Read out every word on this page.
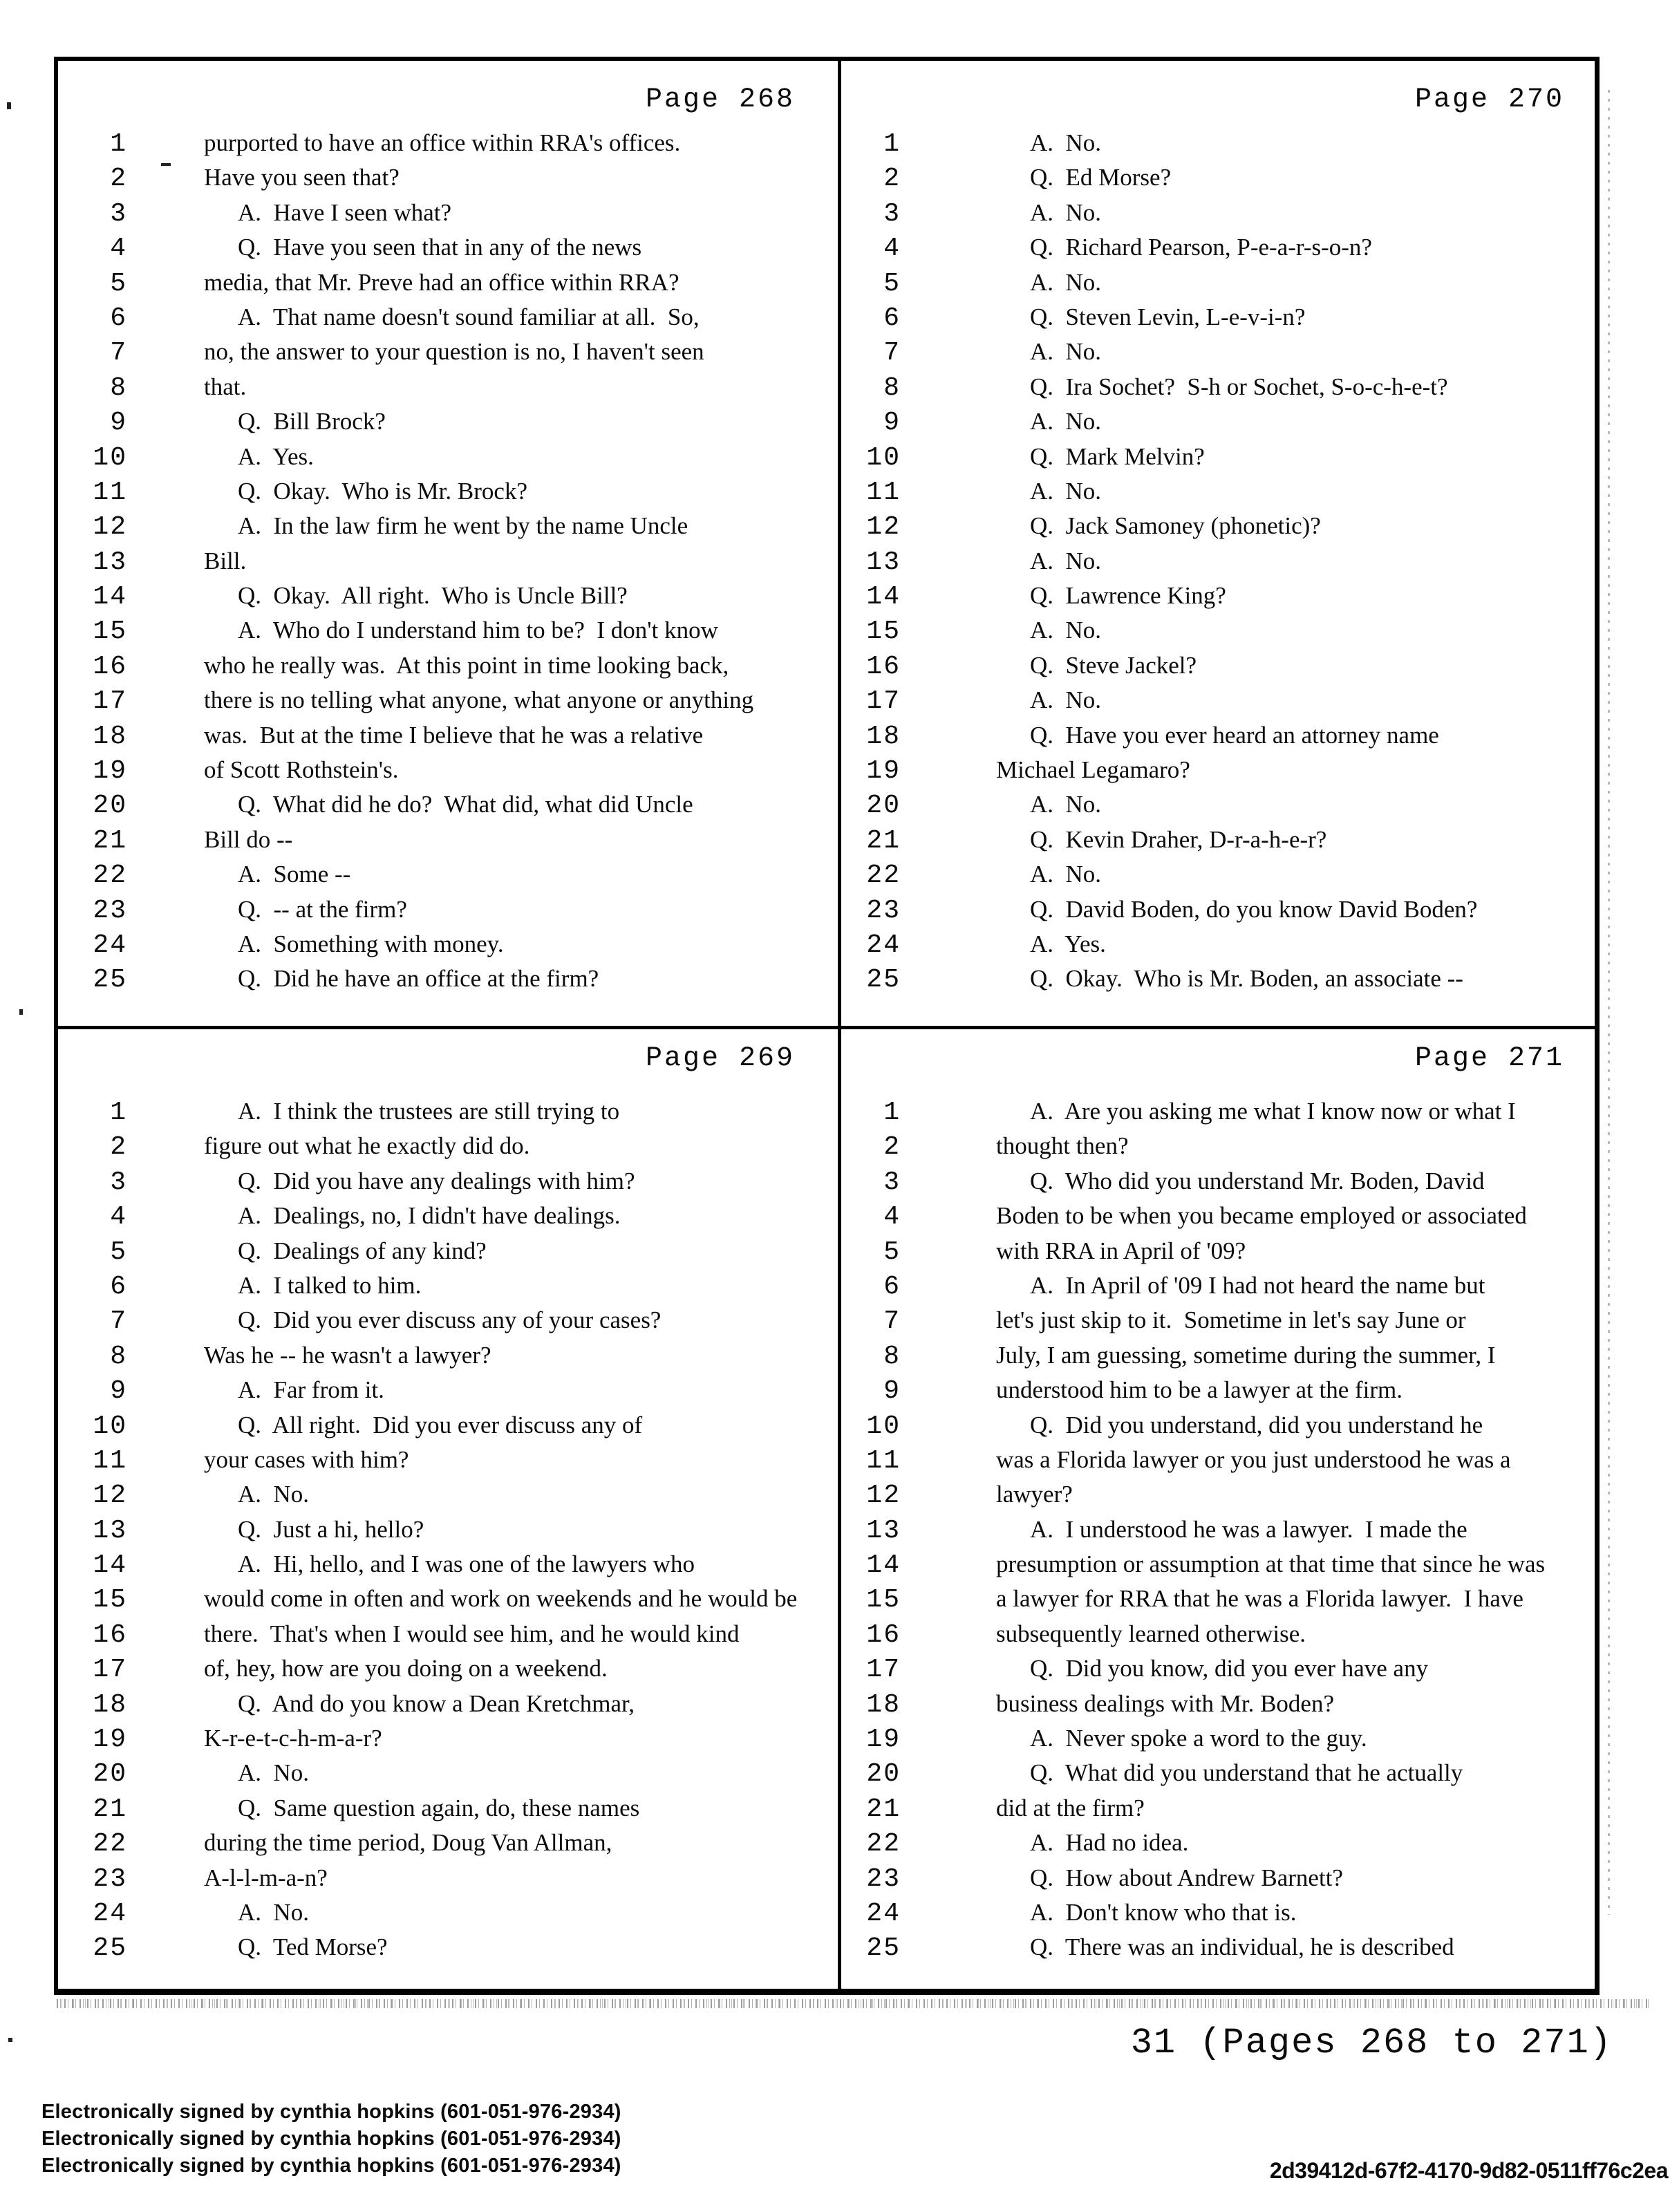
Page 268
1	purported to have an office within RRA's offices.
2	Have you seen that?
3	A.  Have I seen what?
4	Q.  Have you seen that in any of the news
5	media, that Mr. Preve had an office within RRA?
6	A.  That name doesn't sound familiar at all.  So,
7	no, the answer to your question is no, I haven't seen
8	that.
9	Q.  Bill Brock?
10	A.  Yes.
11	Q.  Okay.  Who is Mr. Brock?
12	A.  In the law firm he went by the name Uncle
13	Bill.
14	Q.  Okay.  All right.  Who is Uncle Bill?
15	A.  Who do I understand him to be?  I don't know
16	who he really was.  At this point in time looking back,
17	there is no telling what anyone, what anyone or anything
18	was.  But at the time I believe that he was a relative
19	of Scott Rothstein's.
20	Q.  What did he do?  What did, what did Uncle
21	Bill do --
22	A.  Some --
23	Q.  -- at the firm?
24	A.  Something with money.
25	Q.  Did he have an office at the firm?
Page 270
1	A.  No.
2	Q.  Ed Morse?
3	A.  No.
4	Q.  Richard Pearson, P-e-a-r-s-o-n?
5	A.  No.
6	Q.  Steven Levin, L-e-v-i-n?
7	A.  No.
8	Q.  Ira Sochet?  S-h or Sochet, S-o-c-h-e-t?
9	A.  No.
10	Q.  Mark Melvin?
11	A.  No.
12	Q.  Jack Samoney (phonetic)?
13	A.  No.
14	Q.  Lawrence King?
15	A.  No.
16	Q.  Steve Jackel?
17	A.  No.
18	Q.  Have you ever heard an attorney name
19	Michael Legamaro?
20	A.  No.
21	Q.  Kevin Draher, D-r-a-h-e-r?
22	A.  No.
23	Q.  David Boden, do you know David Boden?
24	A.  Yes.
25	Q.  Okay.  Who is Mr. Boden, an associate --
Page 269
1	A.  I think the trustees are still trying to
2	figure out what he exactly did do.
3	Q.  Did you have any dealings with him?
4	A.  Dealings, no, I didn't have dealings.
5	Q.  Dealings of any kind?
6	A.  I talked to him.
7	Q.  Did you ever discuss any of your cases?
8	Was he -- he wasn't a lawyer?
9	A.  Far from it.
10	Q.  All right.  Did you ever discuss any of
11	your cases with him?
12	A.  No.
13	Q.  Just a hi, hello?
14	A.  Hi, hello, and I was one of the lawyers who
15	would come in often and work on weekends and he would be
16	there.  That's when I would see him, and he would kind
17	of, hey, how are you doing on a weekend.
18	Q.  And do you know a Dean Kretchmar,
19	K-r-e-t-c-h-m-a-r?
20	A.  No.
21	Q.  Same question again, do, these names
22	during the time period, Doug Van Allman,
23	A-l-l-m-a-n?
24	A.  No.
25	Q.  Ted Morse?
Page 271
1	A.  Are you asking me what I know now or what I
2	thought then?
3	Q.  Who did you understand Mr. Boden, David
4	Boden to be when you became employed or associated
5	with RRA in April of '09?
6	A.  In April of '09 I had not heard the name but
7	let's just skip to it.  Sometime in let's say June or
8	July, I am guessing, sometime during the summer, I
9	understood him to be a lawyer at the firm.
10	Q.  Did you understand, did you understand he
11	was a Florida lawyer or you just understood he was a
12	lawyer?
13	A.  I understood he was a lawyer.  I made the
14	presumption or assumption at that time that since he was
15	a lawyer for RRA that he was a Florida lawyer.  I have
16	subsequently learned otherwise.
17	Q.  Did you know, did you ever have any
18	business dealings with Mr. Boden?
19	A.  Never spoke a word to the guy.
20	Q.  What did you understand that he actually
21	did at the firm?
22	A.  Had no idea.
23	Q.  How about Andrew Barnett?
24	A.  Don't know who that is.
25	Q.  There was an individual, he is described
31 (Pages 268 to 271)
Electronically signed by cynthia hopkins (601-051-976-2934)
Electronically signed by cynthia hopkins (601-051-976-2934)
Electronically signed by cynthia hopkins (601-051-976-2934)	2d39412d-67f2-4170-9d82-0511ff76c2ea
